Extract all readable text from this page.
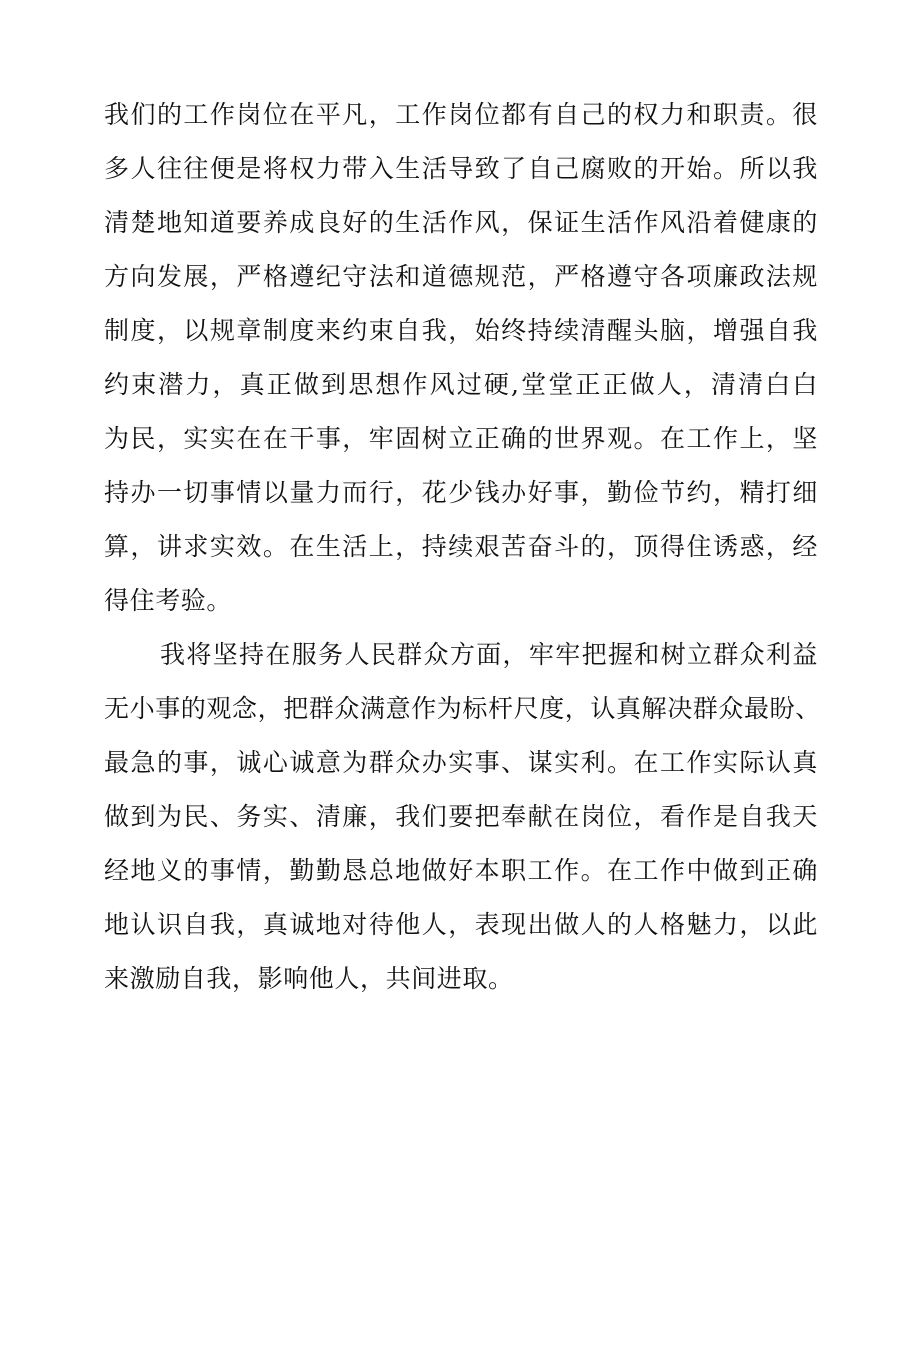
我们的工作岗位在平凡，工作岗位都有自己的权力和职责。很
多人往往便是将权力带入生活导致了自己腐败的开始。所以我
清楚地知道要养成良好的生活作风，保证生活作风沿着健康的
方向发展，严格遵纪守法和道德规范，严格遵守各项廉政法规
制度，以规章制度来约束自我，始终持续清醒头脑，增强自我
约束潜力，真正做到思想作风过硬,堂堂正正做人，清清白白
为民，实实在在干事，牢固树立正确的世界观。在工作上，坚
持办一切事情以量力而行，花少钱办好事，勤俭节约，精打细
算，讲求实效。在生活上，持续艰苦奋斗的，顶得住诱惑，经
得住考验。
我将坚持在服务人民群众方面，牢牢把握和树立群众利益
无小事的观念，把群众满意作为标杆尺度，认真解决群众最盼、
最急的事，诚心诚意为群众办实事、谋实利。在工作实际认真
做到为民、务实、清廉，我们要把奉献在岗位，看作是自我天
经地义的事情，勤勤恳总地做好本职工作。在工作中做到正确
地认识自我，真诚地对待他人，表现出做人的人格魅力，以此
来激励自我，影响他人，共间进取。
